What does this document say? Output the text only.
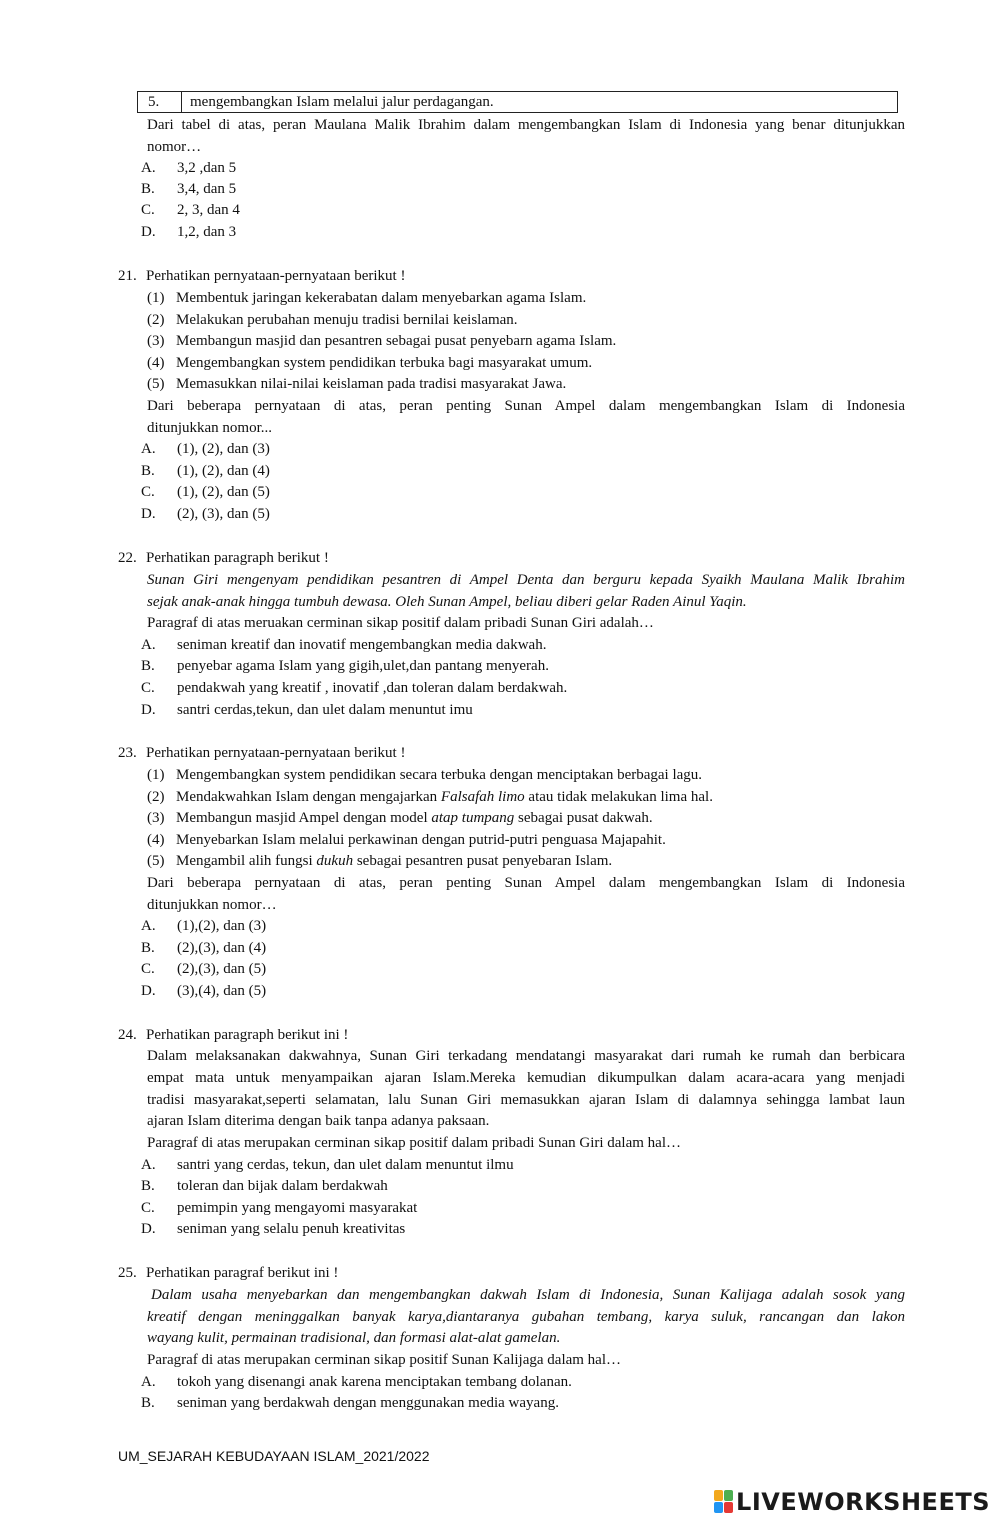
5.	mengembangkan Islam melalui jalur perdagangan.
Dari tabel di atas, peran Maulana Malik Ibrahim dalam mengembangkan Islam di Indonesia yang benar ditunjukkan
nomor…
A. 3,2 ,dan 5
B. 3,4, dan 5
C. 2, 3, dan 4
D. 1,2, dan 3
21. Perhatikan pernyataan-pernyataan berikut !
(1) Membentuk jaringan kekerabatan dalam menyebarkan agama Islam.
(2) Melakukan perubahan menuju tradisi bernilai keislaman.
(3) Membangun masjid dan pesantren sebagai pusat penyebarn agama Islam.
(4) Mengembangkan system pendidikan terbuka bagi masyarakat umum.
(5) Memasukkan nilai-nilai keislaman pada tradisi masyarakat Jawa.
Dari beberapa pernyataan di atas, peran penting Sunan Ampel dalam mengembangkan Islam di Indonesia
ditunjukkan nomor...
A. (1), (2), dan (3)
B. (1), (2), dan (4)
C. (1), (2), dan (5)
D. (2), (3), dan (5)
22. Perhatikan paragraph berikut !
Sunan Giri mengenyam pendidikan pesantren di Ampel Denta dan berguru kepada Syaikh Maulana Malik Ibrahim
sejak anak-anak hingga tumbuh dewasa. Oleh Sunan Ampel, beliau diberi gelar Raden Ainul Yaqin.
Paragraf di atas meruakan cerminan sikap positif dalam pribadi Sunan Giri adalah…
A. seniman kreatif dan inovatif mengembangkan media dakwah.
B. penyebar agama Islam yang gigih,ulet,dan pantang menyerah.
C. pendakwah yang kreatif , inovatif ,dan toleran dalam berdakwah.
D. santri cerdas,tekun, dan ulet dalam menuntut imu
23. Perhatikan pernyataan-pernyataan berikut !
(1) Mengembangkan system pendidikan secara terbuka dengan menciptakan berbagai lagu.
(2) Mendakwahkan Islam dengan mengajarkan Falsafah limo atau tidak melakukan lima hal.
(3) Membangun masjid Ampel dengan model atap tumpang sebagai pusat dakwah.
(4) Menyebarkan Islam melalui perkawinan dengan putrid-putri penguasa Majapahit.
(5) Mengambil alih fungsi dukuh sebagai pesantren pusat penyebaran Islam.
Dari beberapa pernyataan di atas, peran penting Sunan Ampel dalam mengembangkan Islam di Indonesia
ditunjukkan nomor…
A. (1),(2), dan (3)
B. (2),(3), dan (4)
C. (2),(3), dan (5)
D. (3),(4), dan (5)
24. Perhatikan paragraph berikut ini !
Dalam melaksanakan dakwahnya, Sunan Giri terkadang mendatangi masyarakat dari rumah ke rumah dan berbicara
empat mata untuk menyampaikan ajaran Islam.Mereka kemudian dikumpulkan dalam acara-acara yang menjadi
tradisi masyarakat,seperti selamatan, lalu Sunan Giri memasukkan ajaran Islam di dalamnya sehingga lambat laun
ajaran Islam diterima dengan baik tanpa adanya paksaan.
Paragraf di atas merupakan cerminan sikap positif dalam pribadi Sunan Giri dalam hal…
A. santri yang cerdas, tekun, dan ulet dalam menuntut ilmu
B. toleran dan bijak dalam berdakwah
C. pemimpin yang mengayomi masyarakat
D. seniman yang selalu penuh kreativitas
25. Perhatikan paragraf berikut ini !
Dalam usaha menyebarkan dan mengembangkan dakwah Islam di Indonesia, Sunan Kalijaga adalah sosok yang
kreatif dengan meninggalkan banyak karya,diantaranya gubahan tembang, karya suluk, rancangan dan lakon
wayang kulit, permainan tradisional, dan formasi alat-alat gamelan.
Paragraf di atas merupakan cerminan sikap positif Sunan Kalijaga dalam hal…
A. tokoh yang disenangi anak karena menciptakan tembang dolanan.
B. seniman yang berdakwah dengan menggunakan media wayang.
UM_SEJARAH KEBUDAYAAN ISLAM_2021/2022
LIVEWORKSHEETS
